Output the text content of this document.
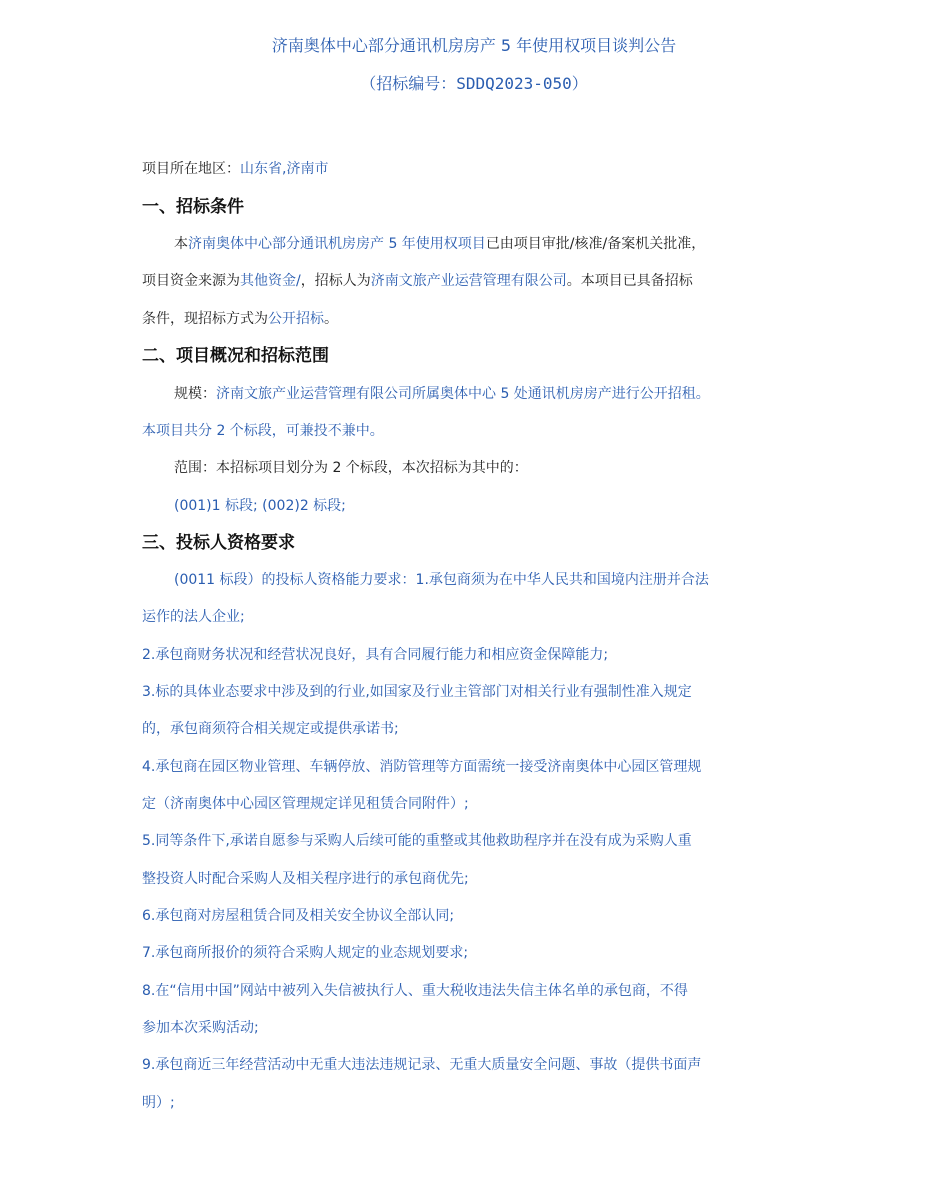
济南奥体中心部分通讯机房房产 5 年使用权项目谈判公告
（招标编号：SDDQ2023-050）
项目所在地区：山东省,济南市
一、招标条件
本济南奥体中心部分通讯机房房产 5 年使用权项目已由项目审批/核准/备案机关批准，
项目资金来源为其他资金/，招标人为济南文旅产业运营管理有限公司。本项目已具备招标
条件，现招标方式为公开招标。
二、项目概况和招标范围
规模：济南文旅产业运营管理有限公司所属奥体中心 5 处通讯机房房产进行公开招租。
本项目共分 2 个标段，可兼投不兼中。
范围：本招标项目划分为 2 个标段，本次招标为其中的：
(001)1 标段; (002)2 标段;
三、投标人资格要求
(0011 标段）的投标人资格能力要求：1.承包商须为在中华人民共和国境内注册并合法
运作的法人企业;
2.承包商财务状况和经营状况良好，具有合同履行能力和相应资金保障能力;
3.标的具体业态要求中涉及到的行业,如国家及行业主管部门对相关行业有强制性准入规定
的，承包商须符合相关规定或提供承诺书;
4.承包商在园区物业管理、车辆停放、消防管理等方面需统一接受济南奥体中心园区管理规
定（济南奥体中心园区管理规定详见租赁合同附件）;
5.同等条件下,承诺自愿参与采购人后续可能的重整或其他救助程序并在没有成为采购人重
整投资人时配合采购人及相关程序进行的承包商优先;
6.承包商对房屋租赁合同及相关安全协议全部认同;
7.承包商所报价的须符合采购人规定的业态规划要求;
8.在“信用中国”网站中被列入失信被执行人、重大税收违法失信主体名单的承包商，不得
参加本次采购活动;
9.承包商近三年经营活动中无重大违法违规记录、无重大质量安全问题、事故（提供书面声
明）;
